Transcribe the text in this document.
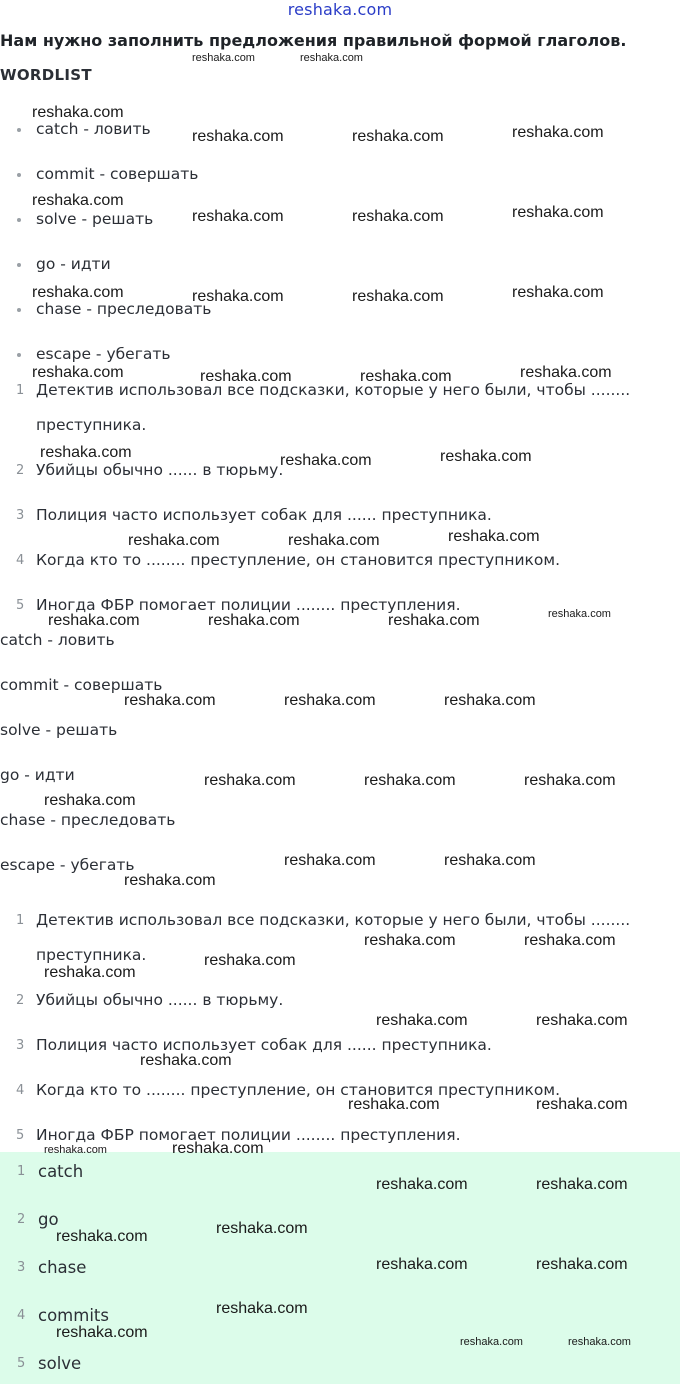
reshaka.com
Нам нужно заполнить предложения правильной формой глаголов.
WORDLIST
catch - ловить
commit - совершать
solve - решать
go - идти
chase - преследовать
escape - убегать
1 Детектив использовал все подсказки, которые у него были, чтобы ........ преступника.
2 Убийцы обычно ...... в тюрьму.
3 Полиция часто использует собак для ...... преступника.
4 Когда кто то ........ преступление, он становится преступником.
5 Иногда ФБР помогает полиции ........ преступления.
catch - ловить
commit - совершать
solve - решать
go - идти
chase - преследовать
escape - убегать
1 Детектив использовал все подсказки, которые у него были, чтобы ........ преступника.
2 Убийцы обычно ...... в тюрьму.
3 Полиция часто использует собак для ...... преступника.
4 Когда кто то ........ преступление, он становится преступником.
5 Иногда ФБР помогает полиции ........ преступления.
1 catch
2 go
3 chase
4 commits
5 solve
reshaka.com	reshaka.com
reshaka.com
reshaka.com	reshaka.com	reshaka.com
reshaka.com
reshaka.com	reshaka.com	reshaka.com
reshaka.com	reshaka.com	reshaka.com	reshaka.com
reshaka.com	reshaka.com	reshaka.com	reshaka.com
reshaka.com	reshaka.com	reshaka.com
reshaka.com	reshaka.com	reshaka.com
reshaka.com	reshaka.com	reshaka.com	reshaka.com
reshaka.com	reshaka.com	reshaka.com
reshaka.com	reshaka.com	reshaka.com
reshaka.com
reshaka.com	reshaka.com
reshaka.com
reshaka.com	reshaka.com
reshaka.com
reshaka.com
reshaka.com	reshaka.com
reshaka.com
reshaka.com	reshaka.com
reshaka.com
reshaka.com
reshaka.com	reshaka.com
reshaka.com
reshaka.com
reshaka.com	reshaka.com
reshaka.com
reshaka.com
reshaka.com	reshaka.com
